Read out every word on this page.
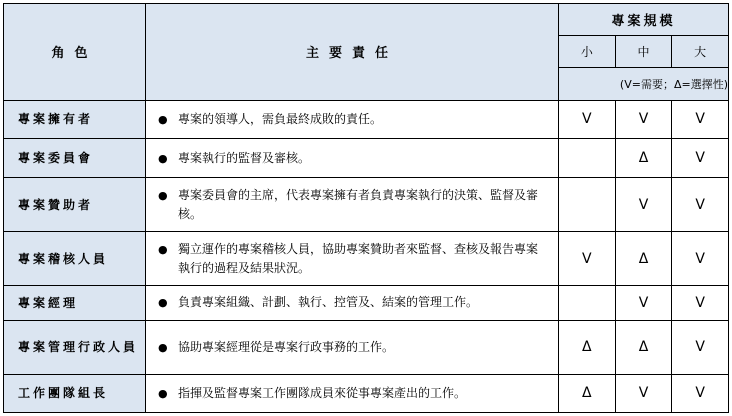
角色	主要責任	專案規模		
		小	中	大
		(V=需要；Δ=選擇性)		
專案擁有者	● 專案的領導人，需負最終成敗的責任。	V	V	V
專案委員會	● 專案執行的監督及審核。		Δ	V
專案贊助者	● 專案委員會的主席，代表專案擁有者負責專案執行的決策、監督及審核。		V	V
專案稽核人員	● 獨立運作的專案稽核人員，協助專案贊助者來監督、查核及報告專案執行的過程及結果狀況。	V	Δ	V
專案經理	● 負責專案組織、計劃、執行、控管及、結案的管理工作。		V	V
專案管理行政人員	● 協助專案經理從是專案行政事務的工作。	Δ	Δ	V
工作團隊組長	● 指揮及監督專案工作團隊成員來從事專案產出的工作。	Δ	V	V
